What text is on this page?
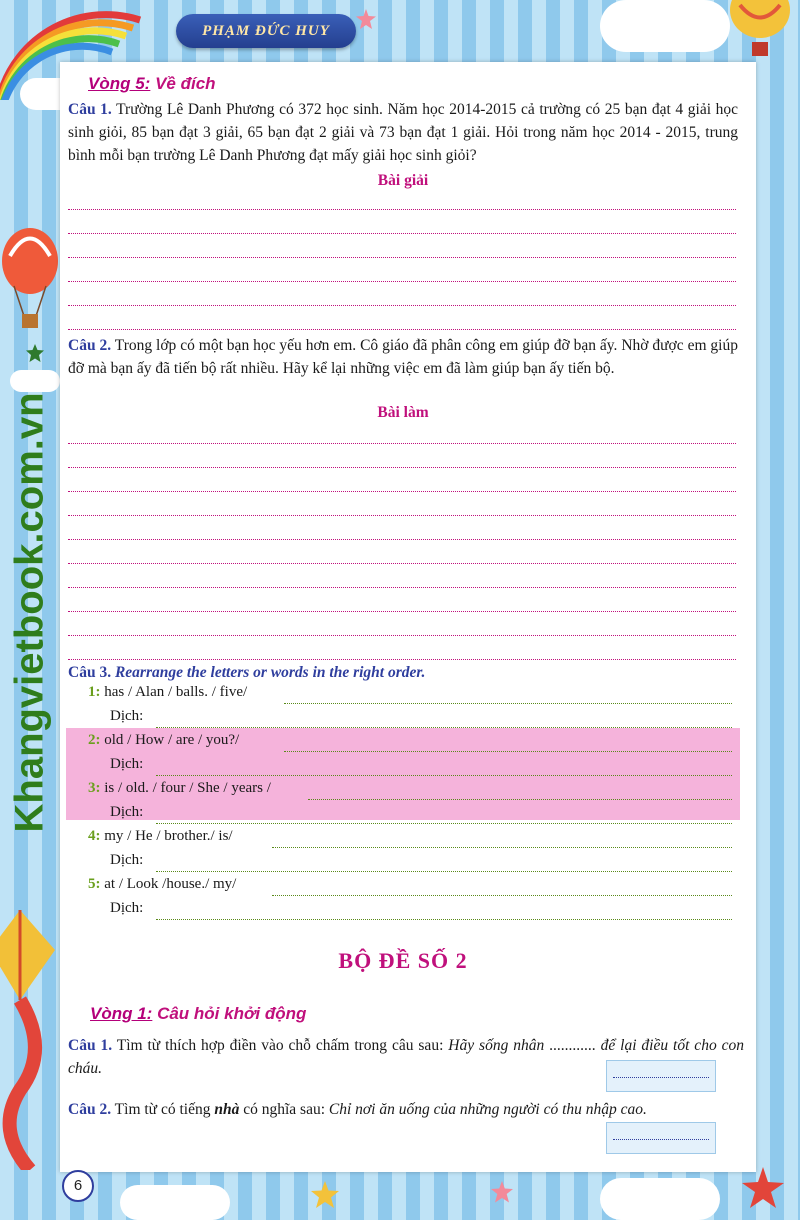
PHẠM ĐỨC HUY
Khangvietbook.com.vn
Vòng 5: Về đích

Câu 1. Trường Lê Danh Phương có 372 học sinh. Năm học 2014-2015 cả trường có 25 bạn đạt 4 giải học sinh giỏi, 85 bạn đạt 3 giải, 65 bạn đạt 2 giải và 73 bạn đạt 1 giải. Hỏi trong năm học 2014 - 2015, trung bình mỗi bạn trường Lê Danh Phương đạt mấy giải học sinh giỏi?

Bài giải

Câu 2. Trong lớp có một bạn học yếu hơn em. Cô giáo đã phân công em giúp đỡ bạn ấy. Nhờ được em giúp đỡ mà bạn ấy đã tiến bộ rất nhiều. Hãy kể lại những việc em đã làm giúp bạn ấy tiến bộ.

Bài làm

Câu 3. Rearrange the letters or words in the right order.

1: has / Alan / balls. / five/
Dịch:
2: old / How / are / you?/
Dịch:
3: is / old. / four / She / years /
Dịch:
4: my / He / brother./ is/
Dịch:
5: at / Look /house./ my/
Dịch:
BỘ ĐỀ SỐ 2
Vòng 1: Câu hỏi khởi động

Câu 1. Tìm từ thích hợp điền vào chỗ chấm trong câu sau: Hãy sống nhân ............ để lại điều tốt cho con cháu.

Câu 2. Tìm từ có tiếng nhà có nghĩa sau: Chỉ nơi ăn uống của những người có thu nhập cao.

6
